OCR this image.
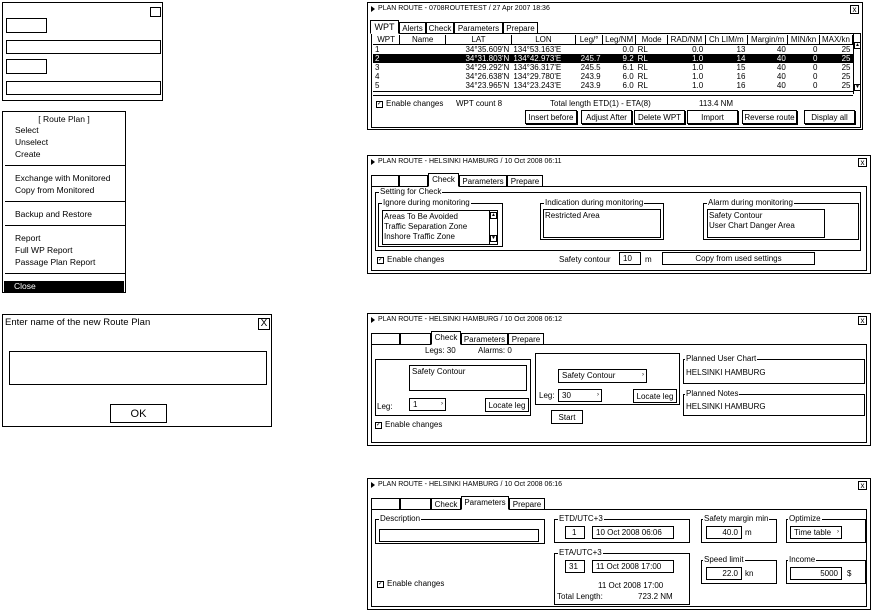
[ Route Plan ]
Select
Unselect
Create
Exchange with Monitored
Copy from Monitored
Backup and Restore
Report
Full WP Report
Passage Plan Report
Close
Enter name of the new Route Plan	X
OK
PLAN ROUTE - 0708ROUTETEST / 27 Apr 2007 18:36	x
WPT Alerts Check Parameters Prepare
WPT	Name	LAT	LON	Leg/°	Leg/NM	Mode	RAD/NM	Ch LIM/m	Margin/m	MIN/kn	MAX/kn
1		34°35.609'N	134°53.163'E		0.0	RL	0.0	13	40	0	25
2		34°31.803'N	134°42.973'E	245.7	9.2	RL	1.0	14	40	0	25
3		34°29.292'N	134°36.317'E	245.5	6.1	RL	1.0	15	40	0	25
4		34°26.638'N	134°29.780'E	243.9	6.0	RL	1.0	16	40	0	25
5		34°23.965'N	134°23.243'E	243.9	6.0	RL	1.0	16	40	0	25
▲
▼
✓ Enable changes WPT count 8	Total length ETD(1) - ETA(8)	113.4 NM
Insert before	Adjust After	Delete WPT	Import	Reverse route	Display all
PLAN ROUTE - HELSINKI HAMBURG / 10 Oct 2008 06:11	x
Check Parameters Prepare
Setting for Check
Ignore during monitoring
Areas To Be Avoided
Traffic Separation Zone
Inshore Traffic Zone
▲
▼
Indication during monitoring
Restricted Area
Alarm during monitoring
Safety Contour
User Chart Danger Area
✓ Enable changes	Safety contour	10	m	Copy from used settings
PLAN ROUTE - HELSINKI HAMBURG / 10 Oct 2008 06:12	x
Check Parameters Prepare
Legs: 30	Alarms: 0
Safety Contour
Leg:	1	›	Locate leg
Safety Contour	›
Leg: 30	›	Locate leg
Start
Planned User Chart
HELSINKI HAMBURG
Planned Notes
HELSINKI HAMBURG
✓ Enable changes
PLAN ROUTE - HELSINKI HAMBURG / 10 Oct 2008 06:16	x
Check Parameters Prepare
Description	ETD/UTC+3
1	10 Oct 2008 06:06
ETA/UTC+3
31	11 Oct 2008 17:00
11 Oct 2008 17:00
Total Length:	723.2 NM
Safety margin min
40.0 m
Optimize
Time table ›
Speed limit
22.0 kn
Income
5000	$
✓ Enable changes
